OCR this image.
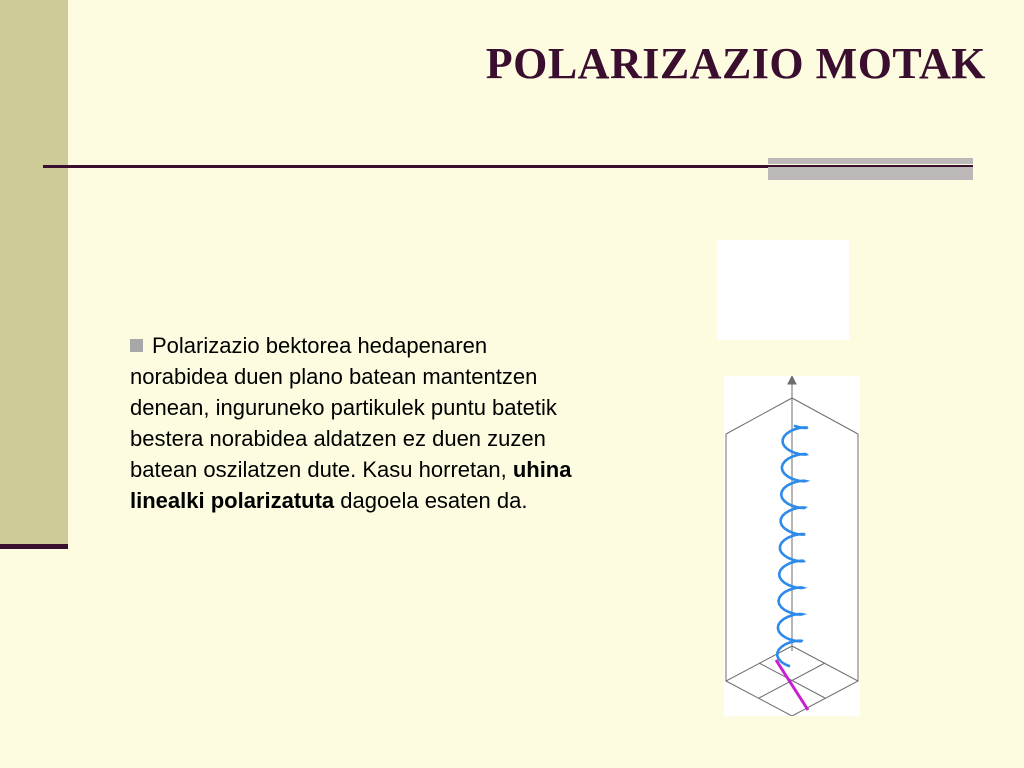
POLARIZAZIO MOTAK
Polarizazio bektorea hedapenaren norabidea duen plano batean mantentzen denean, inguruneko partikulek puntu batetik bestera norabidea aldatzen ez duen zuzen batean oszilatzen dute. Kasu horretan, uhina linealki polarizatuta dagoela esaten da.
